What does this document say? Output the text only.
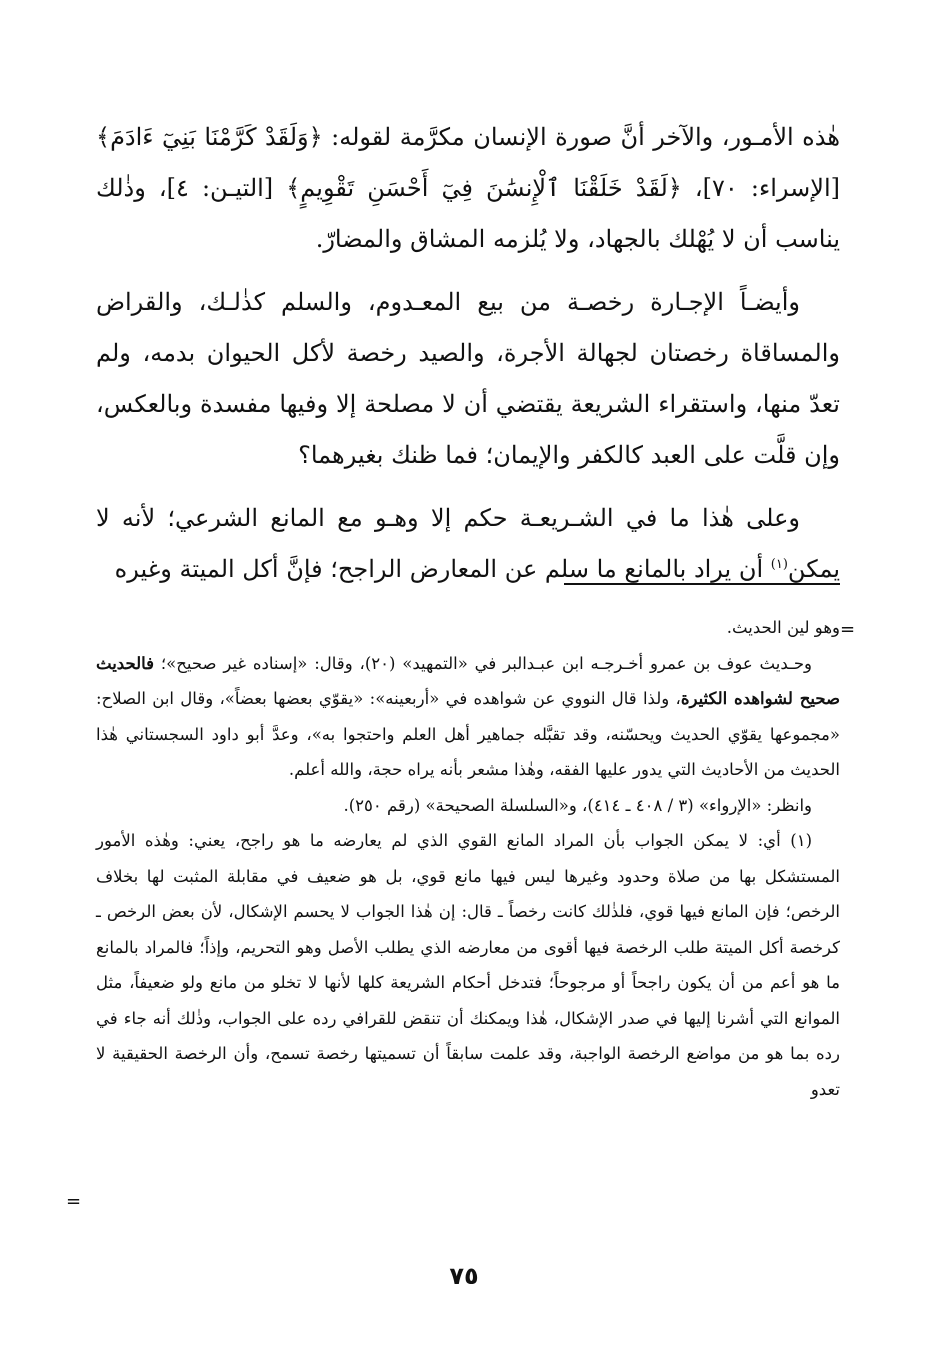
هٰذه الأمـور، والآخر أنَّ صورة الإنسان مكرَّمة لقوله: ﴿وَلَقَدْ كَرَّمْنَا بَنِيٓ ءَادَمَ﴾ [الإسراء: ٧٠]، ﴿لَقَدْ خَلَقْنَا ٱلْإِنسَٰنَ فِيٓ أَحْسَنِ تَقْوِيمٍ﴾ [التيـن: ٤]، وذٰلك يناسب أن لا يُهْلك بالجهاد، ولا يُلزمه المشاق والمضارّ.

وأيضـاً الإجـارة رخصـة من بيع المعـدوم، والسلم كذٰلـك، والقراض والمساقاة رخصتان لجهالة الأجرة، والصيد رخصة لأكل الحيوان بدمه، ولم تعدّ منها، واستقراء الشريعة يقتضي أن لا مصلحة إلا وفيها مفسدة وبالعكس، وإن قلَّت على العبد كالكفر والإيمان؛ فما ظنك بغيرهما؟

وعلى هٰذا ما في الشـريعـة حكم إلا وهـو مع المانع الشرعي؛ لأنه لا يمكن$^{(١)}$ أن يراد بالمانع ما سلم عن المعارض الراجح؛ فإنَّ أكل الميتة وغيره

=

وهو لين الحديث.

وحـديث عوف بن عمرو أخـرجـه ابن عبـدالبر في «التمهيد» (٢٠)، وقال: «إسناده غير صحيح»؛ فالحديث صحيح لشواهده الكثيرة، ولذا قال النووي عن شواهده في «أربعينه»: «يقوّي بعضها بعضاً»، وقال ابن الصلاح: «مجموعها يقوّي الحديث ويحسّنه، وقد تقبَّله جماهير أهل العلم واحتجوا به»، وعدَّ أبو داود السجستاني هٰذا الحديث من الأحاديث التي يدور عليها الفقه، وهٰذا مشعر بأنه يراه حجة، والله أعلم.

وانظر: «الإرواء» (٣ / ٤٠٨ ـ ٤١٤)، و«السلسلة الصحيحة» (رقم ٢٥٠).

(١) أي: لا يمكن الجواب بأن المراد المانع القوي الذي لم يعارضه ما هو راجح، يعني: وهٰذه الأمور المستشكل بها من صلاة وحدود وغيرها ليس فيها مانع قوي، بل هو ضعيف في مقابلة المثبت لها بخلاف الرخص؛ فإن المانع فيها قوي، فلذٰلك كانت رخصاً ـ قال: إن هٰذا الجواب لا يحسم الإشكال، لأن بعض الرخص ـ كرخصة أكل الميتة طلب الرخصة فيها أقوى من معارضه الذي يطلب الأصل وهو التحريم، وإذاً؛ فالمراد بالمانع ما هو أعم من أن يكون راجحاً أو مرجوحاً؛ فتدخل أحكام الشريعة كلها لأنها لا تخلو من مانع ولو ضعيفاً، مثل الموانع التي أشرنا إليها في صدر الإشكال، هٰذا ويمكنك أن تنقض للقرافي رده على الجواب، وذٰلك أنه جاء في رده بما هو من مواضع الرخصة الواجبة، وقد علمت سابقاً أن تسميتها رخصة تسمح، وأن الرخصة الحقيقية لا تعدو

=
٧٥
